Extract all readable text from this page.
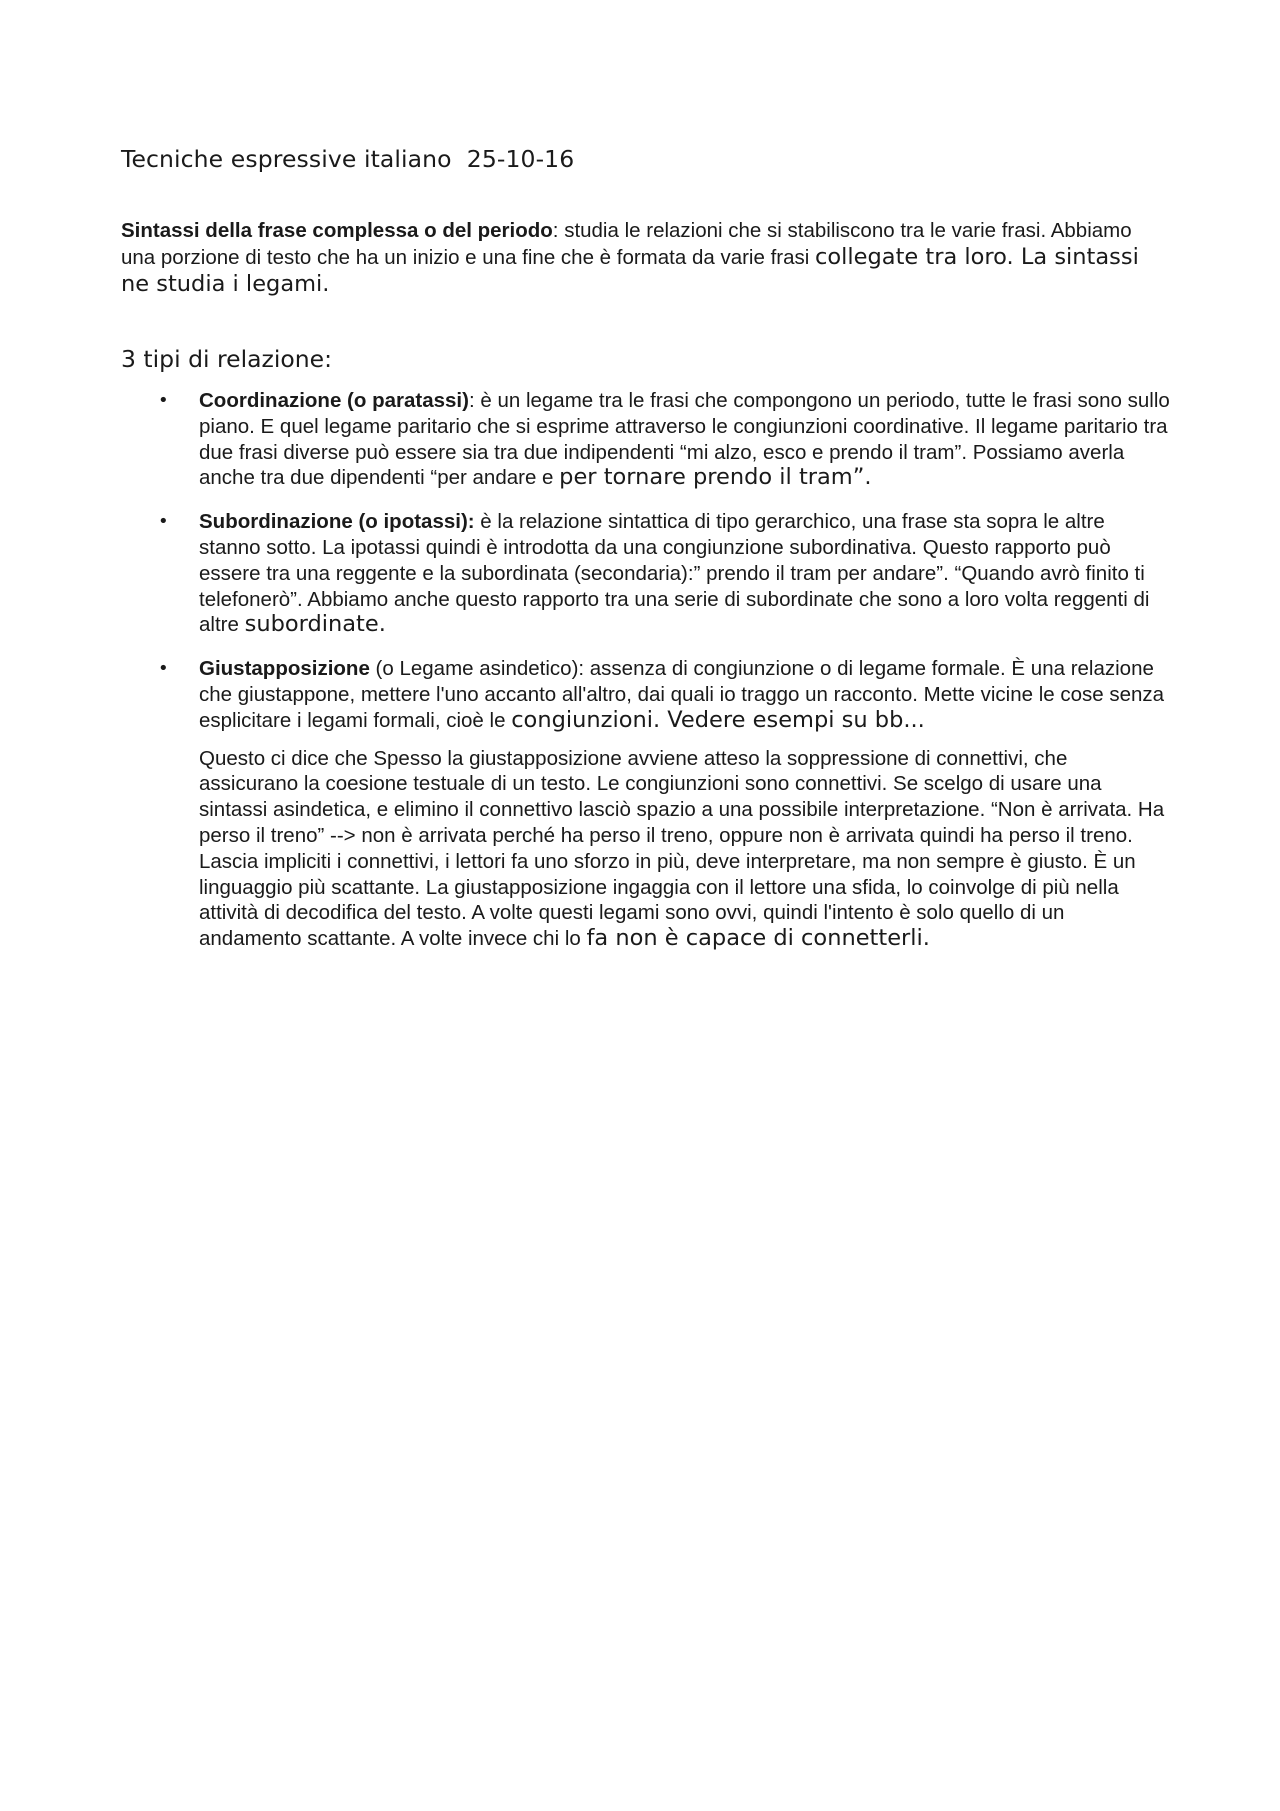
Tecniche espressive italiano  25-10-16
Sintassi della frase complessa o del periodo: studia le relazioni che si stabiliscono tra le varie frasi. Abbiamo una porzione di testo che ha un inizio e una fine che è formata da varie frasi collegate tra loro. La sintassi ne studia i legami.
3 tipi di relazione:
• Coordinazione (o paratassi): è un legame tra le frasi che compongono un periodo, tutte le frasi sono sullo piano. E quel legame paritario che si esprime attraverso le congiunzioni coordinative. Il legame paritario tra due frasi diverse può essere sia tra due indipendenti “mi alzo, esco e prendo il tram”. Possiamo averla anche tra due dipendenti “per andare e per tornare prendo il tram”.
• Subordinazione (o ipotassi): è la relazione sintattica di tipo gerarchico, una frase sta sopra le altre stanno sotto. La ipotassi quindi è introdotta da una congiunzione subordinativa. Questo rapporto può essere tra una reggente e la subordinata (secondaria):” prendo il tram per andare”. “Quando avrò finito ti telefonerò”. Abbiamo anche questo rapporto tra una serie di subordinate che sono a loro volta reggenti di altre subordinate.
• Giustapposizione (o Legame asindetico): assenza di congiunzione o di legame formale. È una relazione che giustappone, mettere l'uno accanto all'altro, dai quali io traggo un racconto. Mette vicine le cose senza esplicitare i legami formali, cioè le congiunzioni. Vedere esempi su bb...
Questo ci dice che Spesso la giustapposizione avviene atteso la soppressione di connettivi, che assicurano la coesione testuale di un testo. Le congiunzioni sono connettivi. Se scelgo di usare una sintassi asindetica, e elimino il connettivo lasciò spazio a una possibile interpretazione. “Non è arrivata. Ha perso il treno” --> non è arrivata perché ha perso il treno, oppure non è arrivata quindi ha perso il treno. Lascia impliciti i connettivi, i lettori fa uno sforzo in più, deve interpretare, ma non sempre è giusto. È un linguaggio più scattante. La giustapposizione ingaggia con il lettore una sfida, lo coinvolge di più nella attività di decodifica del testo. A volte questi legami sono ovvi, quindi l'intento è solo quello di un andamento scattante. A volte invece chi lo fa non è capace di connetterli.
